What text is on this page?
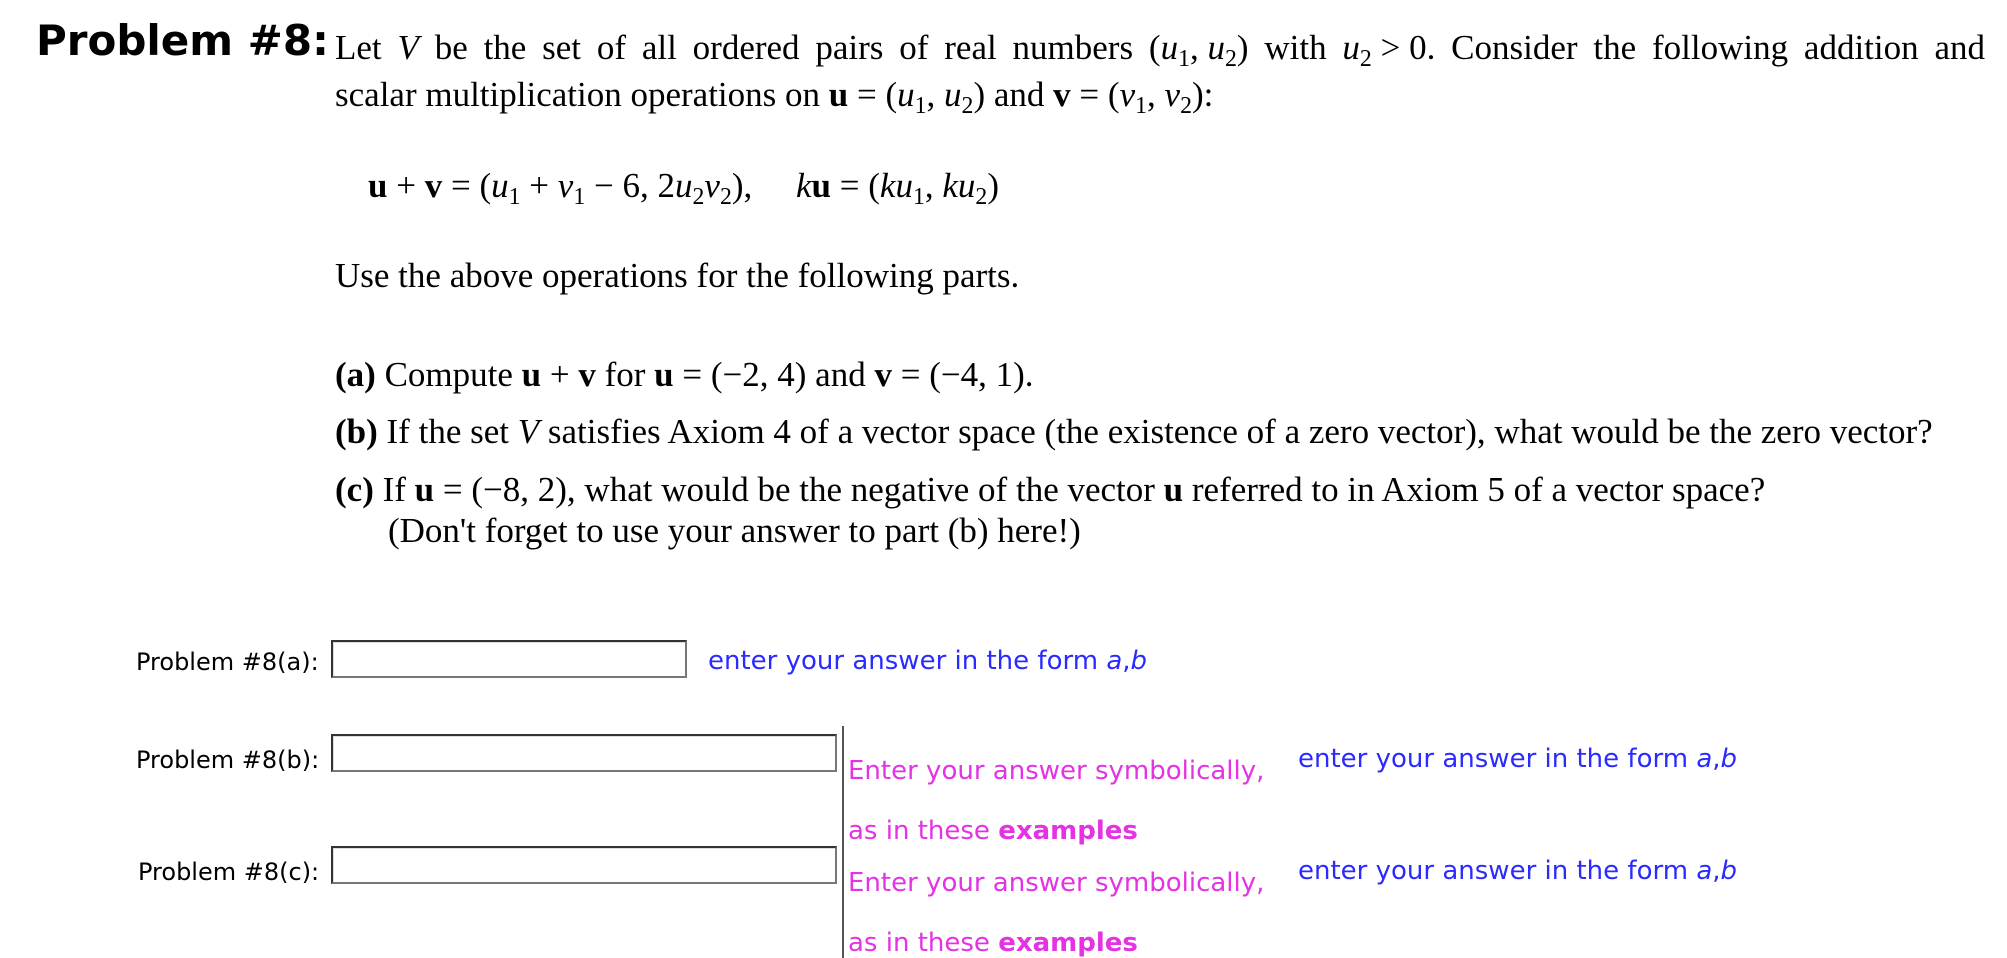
Problem #8: Let V be the set of all ordered pairs of real numbers ($u_1$, $u_2$) with $u_2 > 0$. Consider the following addition and
scalar multiplication operations on $u = (u_1$, $u_2$) and $v = (v_1$, $v_2$):
$u + v = (u_1 + v_1 - 6$, $2u_2v_2$),     ku = ($ku_1$, $ku_2$)
Use the above operations for the following parts.
(a) Compute u + v for u = (−2, 4) and v = (−4, 1).
(b) If the set V satisfies Axiom 4 of a vector space (the existence of a zero vector), what would be the zero vector?
(c) If u = (−8, 2), what would be the negative of the vector u referred to in Axiom 5 of a vector space?
(Don't forget to use your answer to part (b) here!)
Problem #8(a):	enter your answer in the form a,b
Problem #8(b):	Enter your answer symbolically,

as in these examples

enter your answer in the form a,b
Problem #8(c):	Enter your answer symbolically,

as in these examples

enter your answer in the form a,b
